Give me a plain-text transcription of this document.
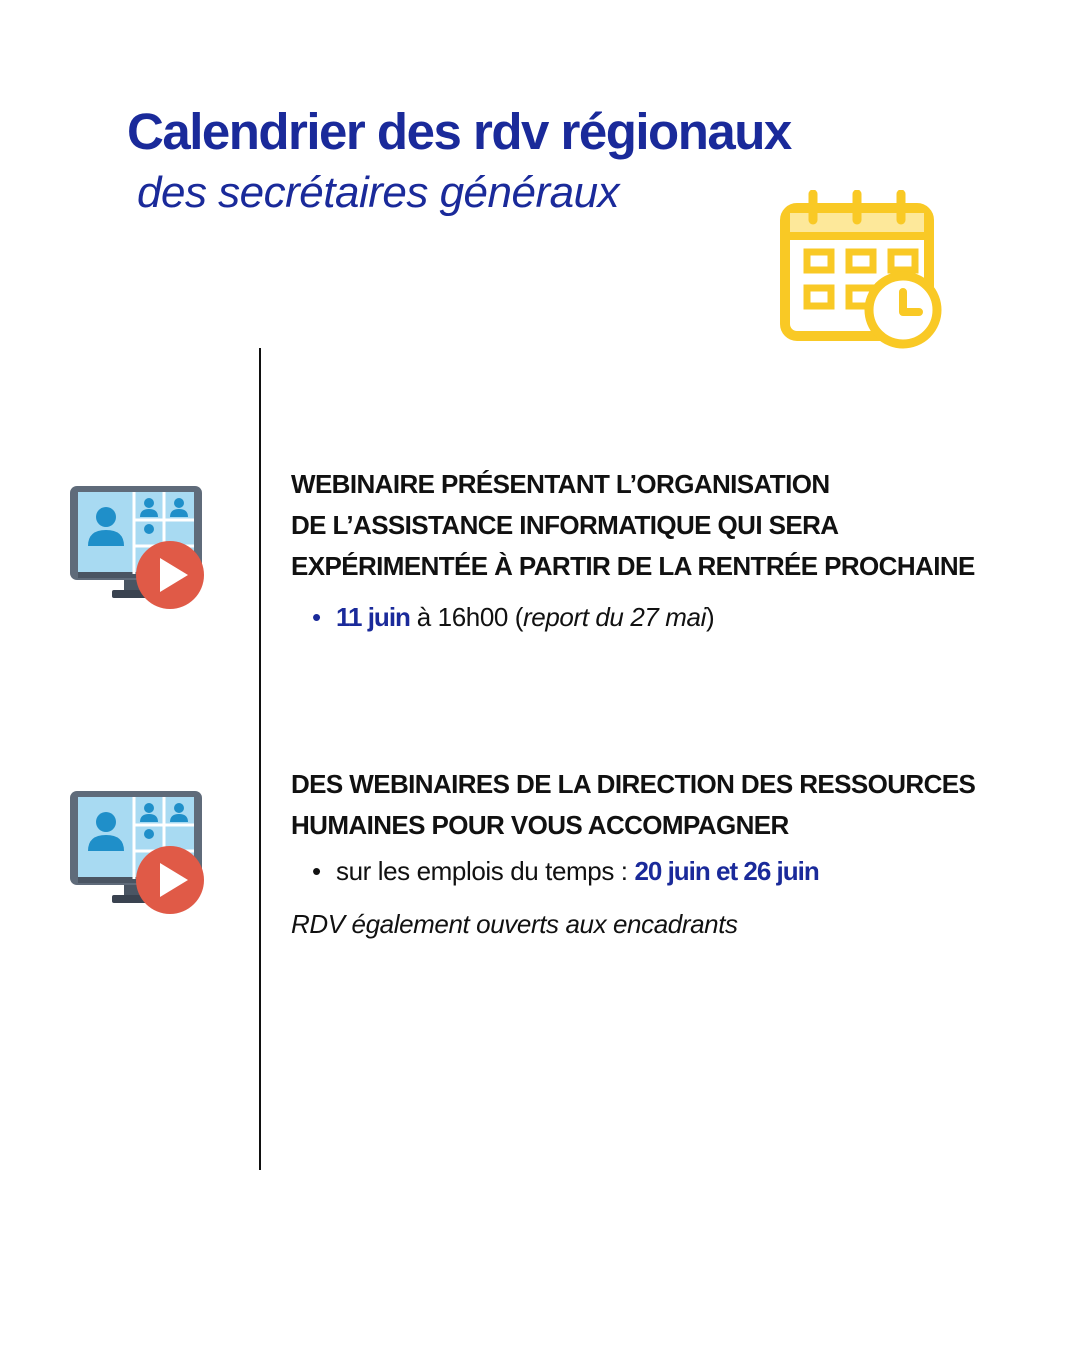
Calendrier des rdv régionaux
des secrétaires généraux
WEBINAIRE PRÉSENTANT L’ORGANISATION
DE L’ASSISTANCE INFORMATIQUE QUI SERA
EXPÉRIMENTÉE À PARTIR DE LA RENTRÉE PROCHAINE

• 11 juin à 16h00 (report du 27 mai)

DES WEBINAIRES DE LA DIRECTION DES RESSOURCES
HUMAINES POUR VOUS ACCOMPAGNER

• sur les emplois du temps : 20 juin et 26 juin

RDV également ouverts aux encadrants
